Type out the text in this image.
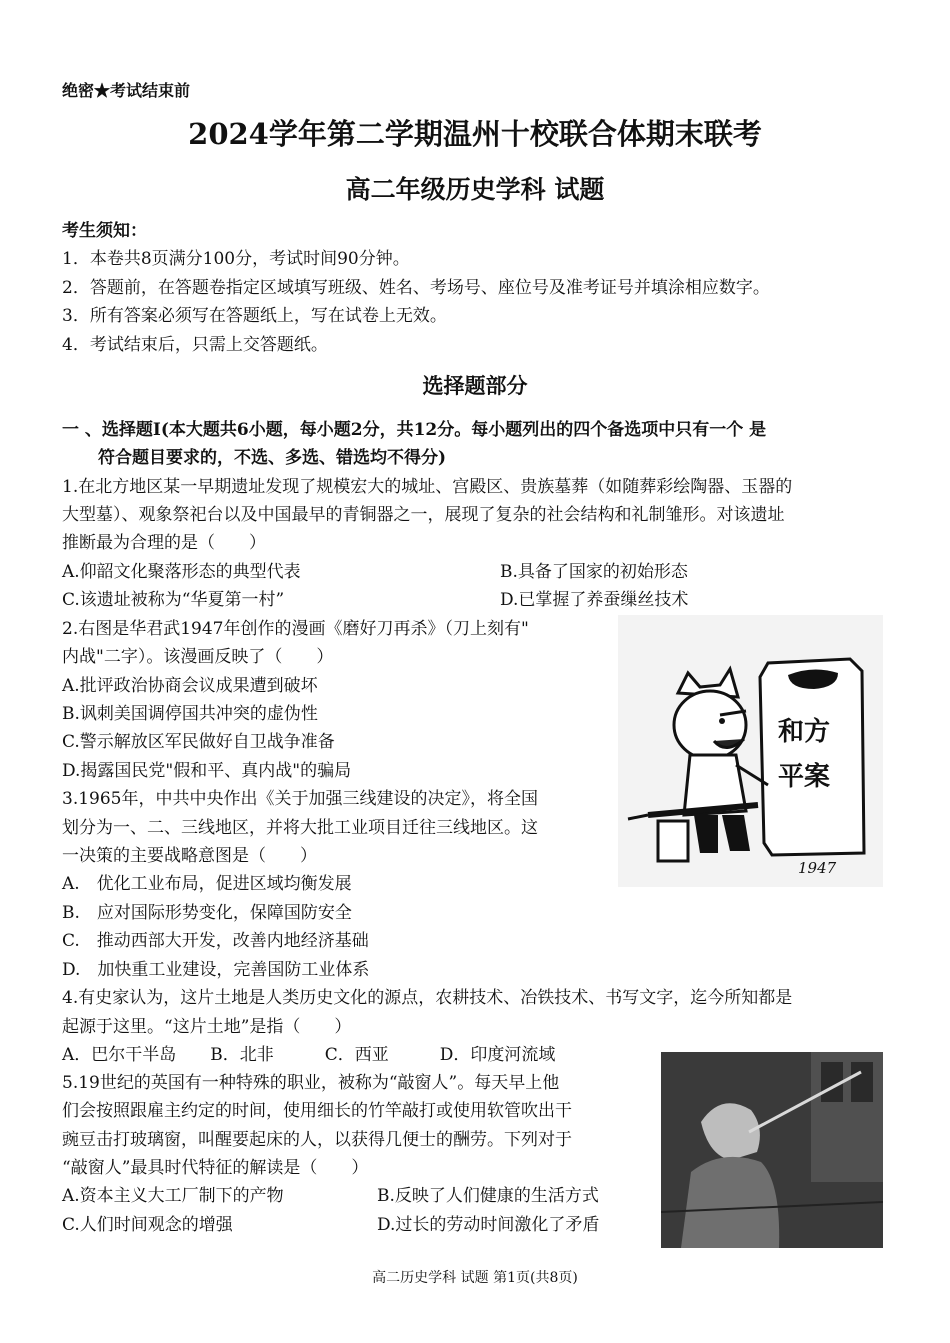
绝密★考试结束前
2024学年第二学期温州十校联合体期末联考
高二年级历史学科 试题
考生须知：
1．本卷共8页满分100分，考试时间90分钟。
2．答题前，在答题卷指定区域填写班级、姓名、考场号、座位号及准考证号并填涂相应数字。
3．所有答案必须写在答题纸上，写在试卷上无效。
4．考试结束后，只需上交答题纸。
选择题部分
一 、选择题Ⅰ(本大题共6小题，每小题2分，共12分。每小题列出的四个备选项中只有一个 是
符合题目要求的，不选、多选、错选均不得分)
1.在北方地区某一早期遗址发现了规模宏大的城址、宫殿区、贵族墓葬（如随葬彩绘陶器、玉器的
大型墓）、观象祭祀台以及中国最早的青铜器之一，展现了复杂的社会结构和礼制雏形。对该遗址
推断最为合理的是（　　）
A.仰韶文化聚落形态的典型代表	B.具备了国家的初始形态
C.该遗址被称为“华夏第一村”	D.已掌握了养蚕缫丝技术
2.右图是华君武1947年创作的漫画《磨好刀再杀》（刀上刻有"
内战"二字）。该漫画反映了（　　）
A.批评政治协商会议成果遭到破坏
B.讽刺美国调停国共冲突的虚伪性
C.警示解放区军民做好自卫战争准备
D.揭露国民党"假和平、真内战"的骗局
和方
平案
1947
3.1965年，中共中央作出《关于加强三线建设的决定》，将全国
划分为一、二、三线地区，并将大批工业项目迁往三线地区。这
一决策的主要战略意图是（　　）
A.　优化工业布局，促进区域均衡发展
B.　应对国际形势变化，保障国防安全
C.　推动西部大开发，改善内地经济基础
D.　加快重工业建设，完善国防工业体系
4.有史家认为，这片土地是人类历史文化的源点，农耕技术、冶铁技术、书写文字，迄今所知都是
起源于这里。“这片土地”是指（　　）
A．巴尔干半岛　　B．北非　　　C．西亚　　　D．印度河流域
5.19世纪的英国有一种特殊的职业，被称为“敲窗人”。每天早上他
们会按照跟雇主约定的时间，使用细长的竹竿敲打或使用软管吹出干
豌豆击打玻璃窗，叫醒要起床的人，以获得几便士的酬劳。下列对于
“敲窗人”最具时代特征的解读是（　　）
A.资本主义大工厂制下的产物	B.反映了人们健康的生活方式
C.人们时间观念的增强	D.过长的劳动时间激化了矛盾
高二历史学科 试题 第1页(共8页)
